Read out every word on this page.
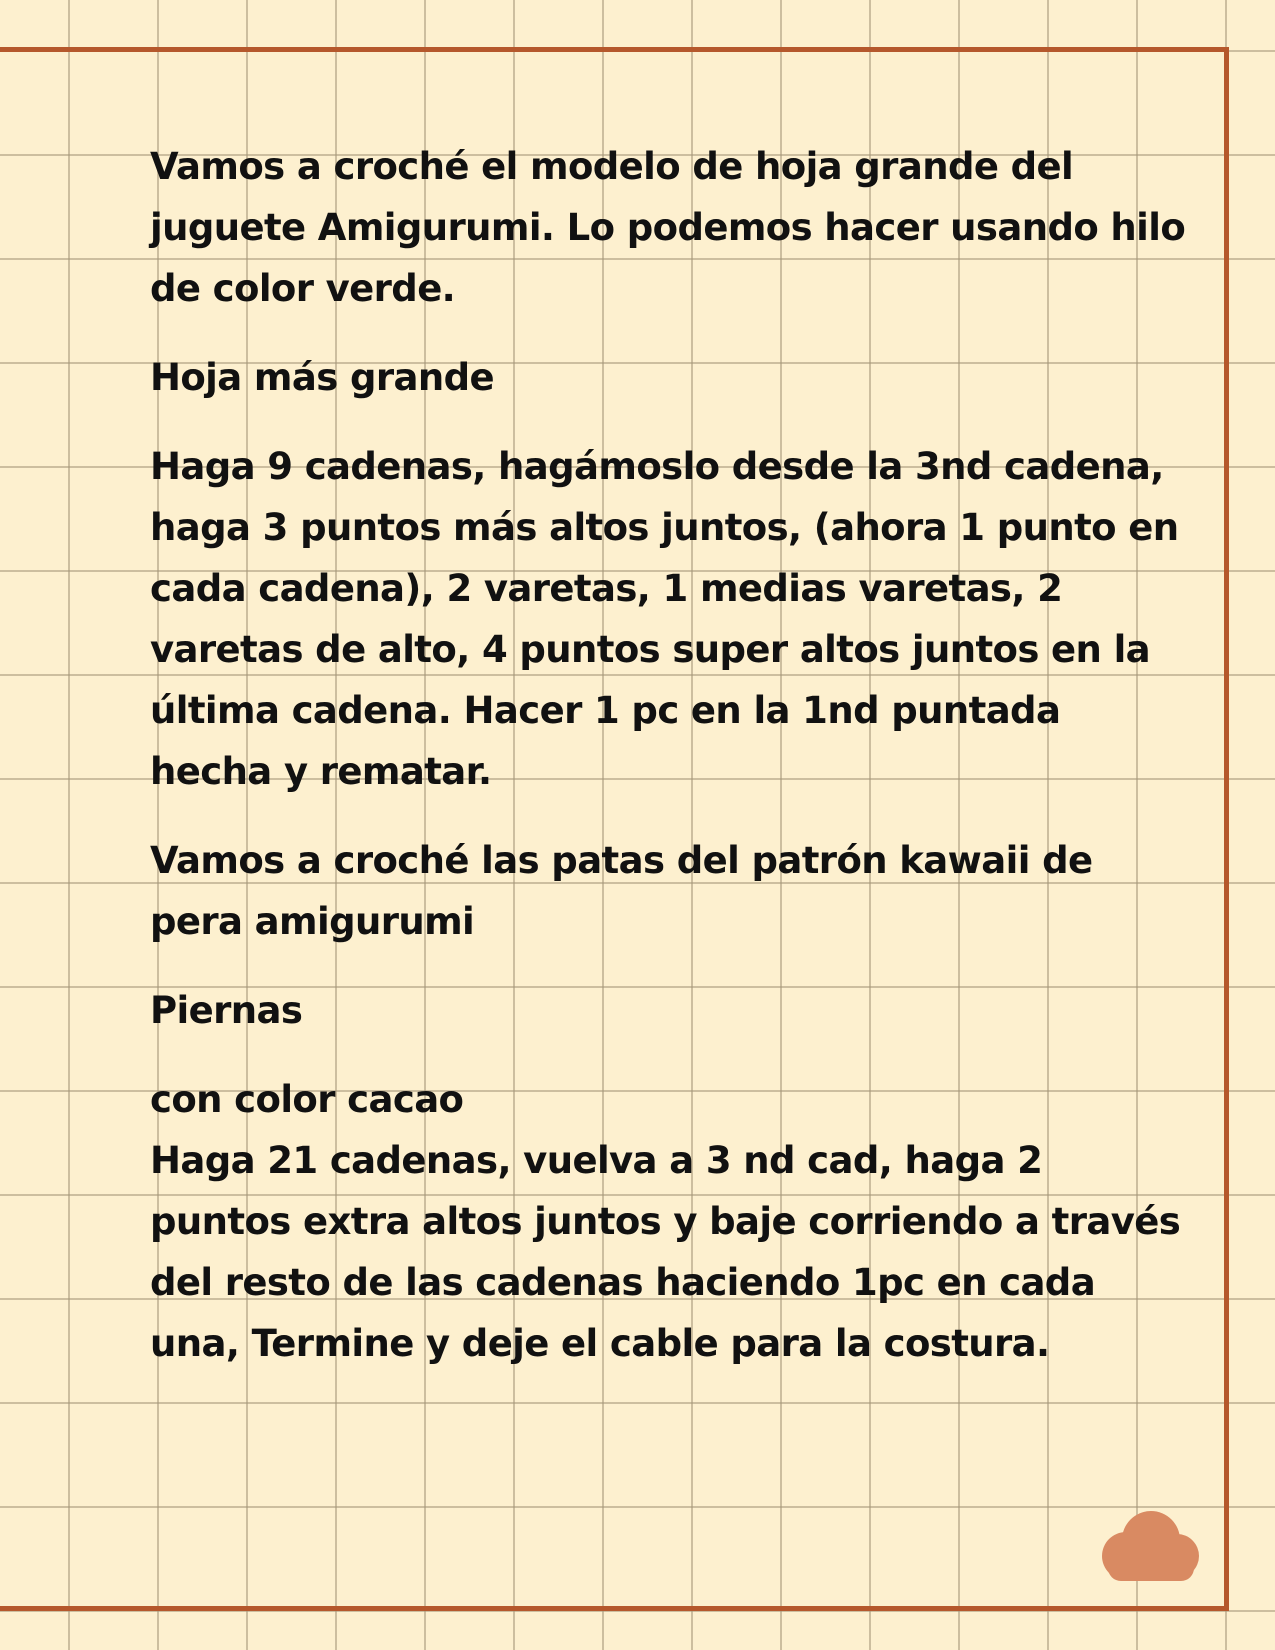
Vamos a croché el modelo de hoja grande del juguete Amigurumi. Lo podemos hacer usando hilo de color verde.

Hoja más grande

Haga 9 cadenas, hagámoslo desde la 3nd cadena, haga 3 puntos más altos juntos, (ahora 1 punto en cada cadena), 2 varetas, 1 medias varetas, 2 varetas de alto, 4 puntos super altos juntos en la última cadena. Hacer 1 pc en la 1nd puntada hecha y rematar.

Vamos a croché las patas del patrón kawaii de pera amigurumi

Piernas

con color cacao

Haga 21 cadenas, vuelva a 3 nd cad, haga 2 puntos extra altos juntos y baje corriendo a través del resto de las cadenas haciendo 1pc en cada una, Termine y deje el cable para la costura.
